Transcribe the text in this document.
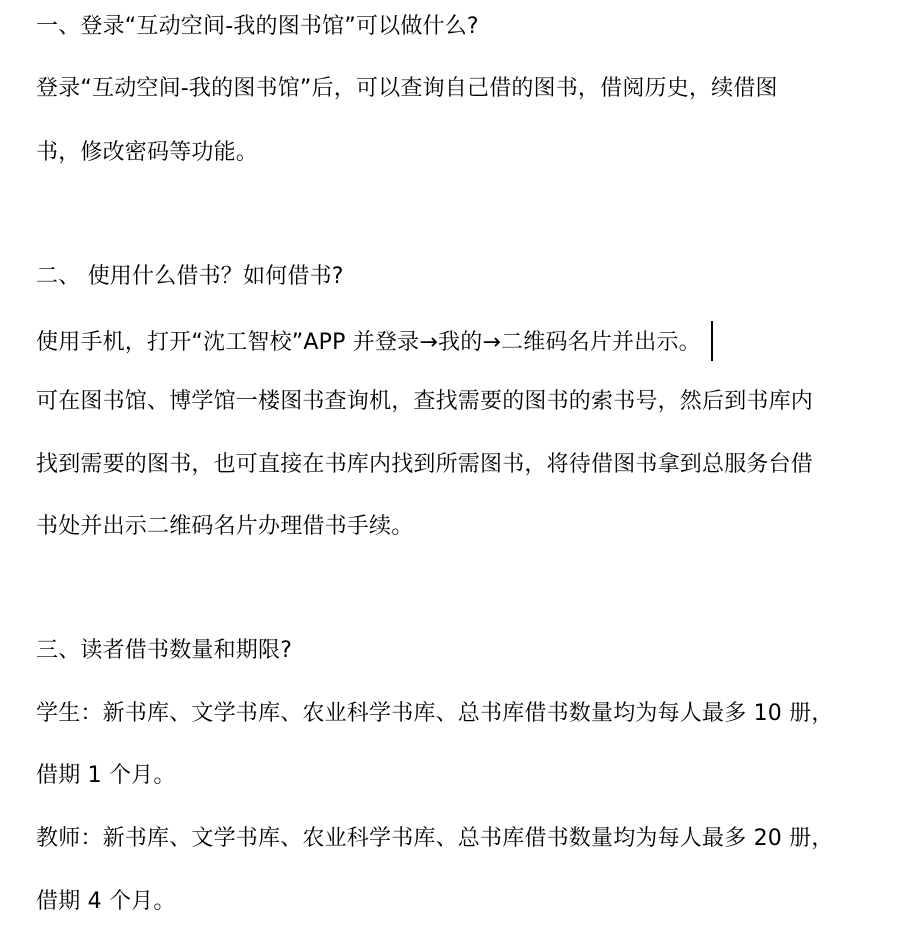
一、登录“互动空间-我的图书馆”可以做什么?
登录“互动空间-我的图书馆”后，可以查询自己借的图书，借阅历史，续借图
书，修改密码等功能。
二、 使用什么借书？如何借书?
使用手机，打开“沈工智校”APP 并登录→我的→二维码名片并出示。
可在图书馆、博学馆一楼图书查询机，查找需要的图书的索书号，然后到书库内
找到需要的图书，也可直接在书库内找到所需图书，将待借图书拿到总服务台借
书处并出示二维码名片办理借书手续。
三、读者借书数量和期限?
学生：新书库、文学书库、农业科学书库、总书库借书数量均为每人最多 10 册，
借期 1 个月。
教师：新书库、文学书库、农业科学书库、总书库借书数量均为每人最多 20 册，
借期 4 个月。
